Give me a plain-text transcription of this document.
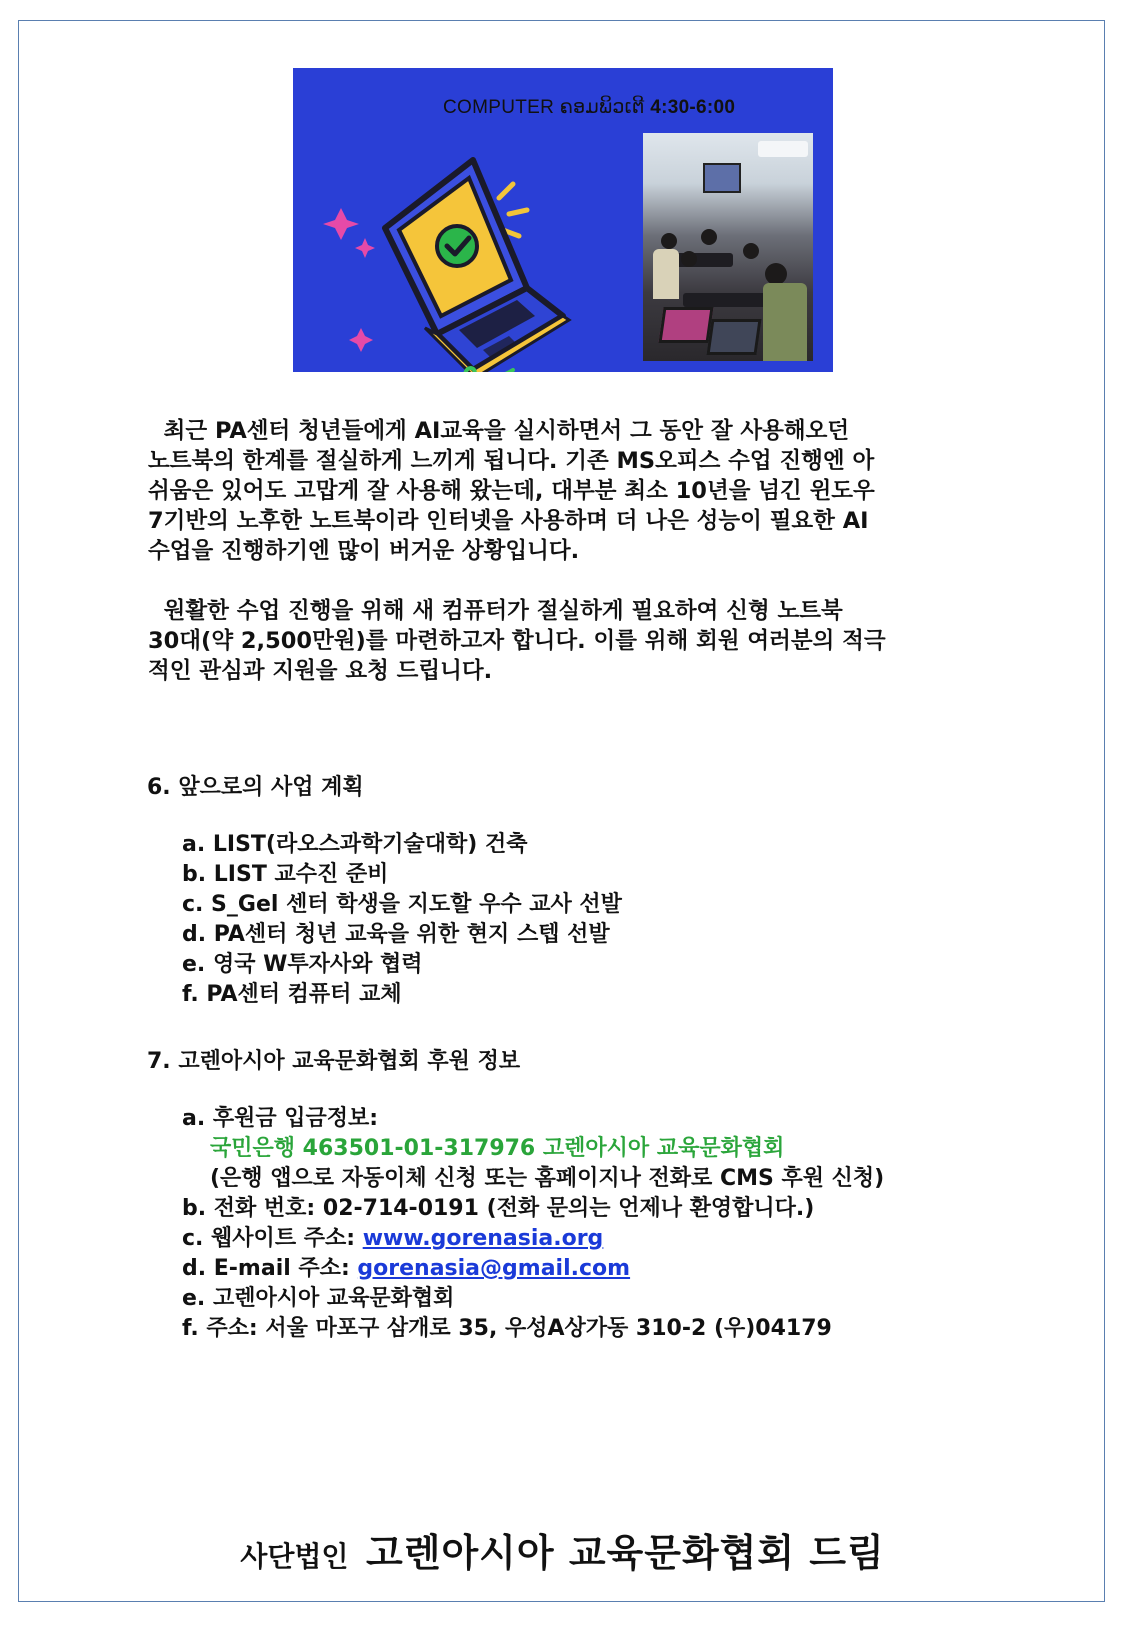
COMPUTER ຄອມພິວເຕີ 4:30-6:00

최근 PA센터 청년들에게 AI교육을 실시하면서 그 동안 잘 사용해오던

노트북의 한계를 절실하게 느끼게 됩니다. 기존 MS오피스 수업 진행엔 아

쉬움은 있어도 고맙게 잘 사용해 왔는데, 대부분 최소 10년을 넘긴 윈도우

7기반의 노후한 노트북이라 인터넷을 사용하며 더 나은 성능이 필요한 AI

수업을 진행하기엔 많이 버거운 상황입니다.

원활한 수업 진행을 위해 새 컴퓨터가 절실하게 필요하여 신형 노트북

30대(약 2,500만원)를 마련하고자 합니다. 이를 위해 회원 여러분의 적극

적인 관심과 지원을 요청 드립니다.

6. 앞으로의 사업 계획
a. LIST(라오스과학기술대학) 건축
b. LIST 교수진 준비
c. S_Gel 센터 학생을 지도할 우수 교사 선발
d. PA센터 청년 교육을 위한 현지 스텝 선발
e. 영국 W투자사와 협력
f. PA센터 컴퓨터 교체
7. 고렌아시아 교육문화협회 후원 정보
a. 후원금 입금정보:
국민은행 463501-01-317976 고렌아시아 교육문화협회
(은행 앱으로 자동이체 신청 또는 홈페이지나 전화로 CMS 후원 신청)
b. 전화 번호: 02-714-0191 (전화 문의는 언제나 환영합니다.)
c. 웹사이트 주소: www.gorenasia.org
d. E-mail 주소: gorenasia@gmail.com
e. 고렌아시아 교육문화협회
f. 주소: 서울 마포구 삼개로 35, 우성A상가동 310-2 (우)04179
사단법인 고렌아시아 교육문화협회 드림
